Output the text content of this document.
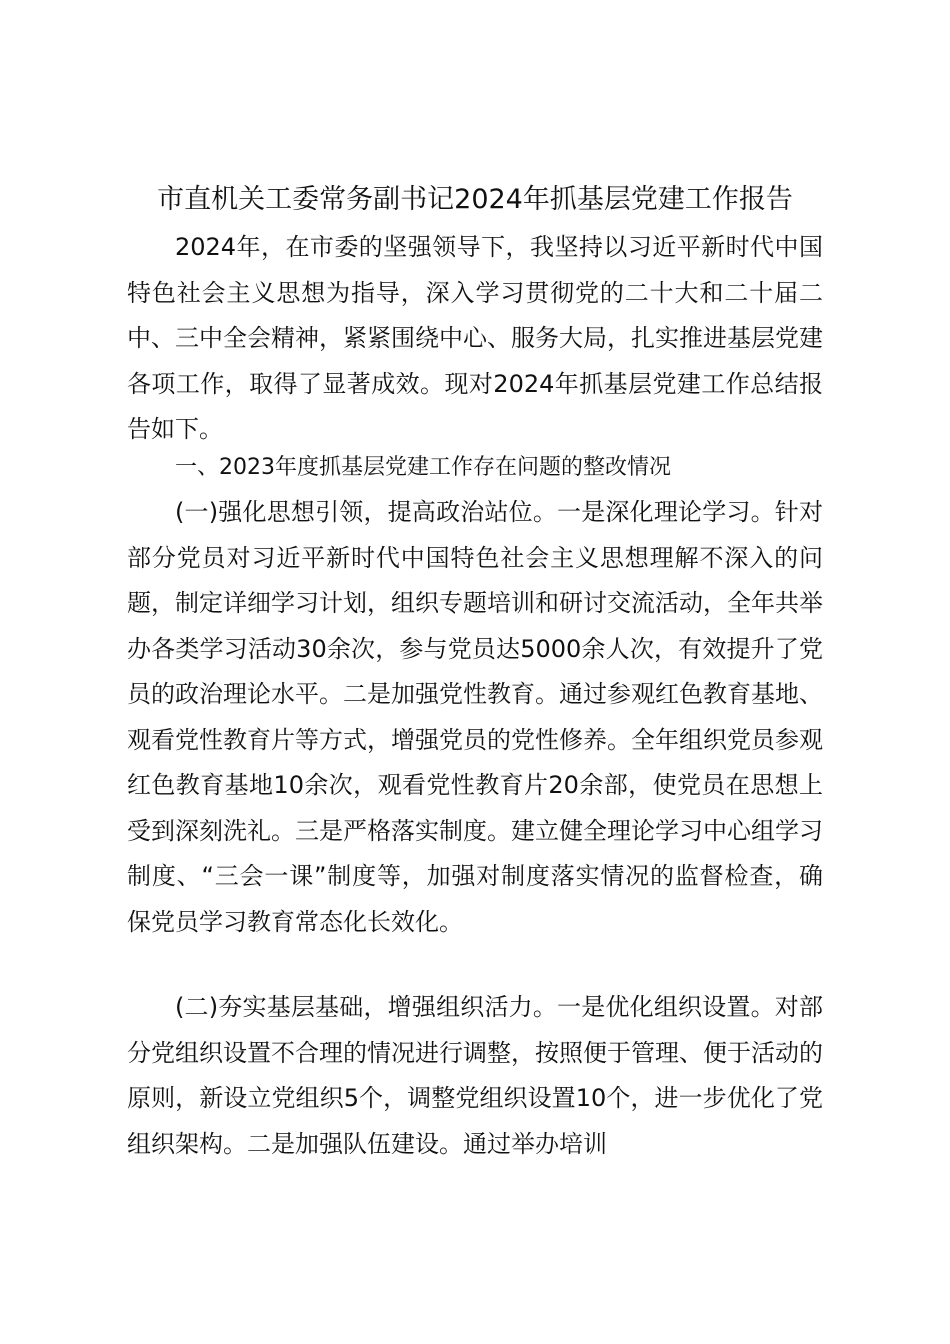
市直机关工委常务副书记2024年抓基层党建工作报告

2024年，在市委的坚强领导下，我坚持以习近平新时代中国特色社会主义思想为指导，深入学习贯彻党的二十大和二十届二中、三中全会精神，紧紧围绕中心、服务大局，扎实推进基层党建各项工作，取得了显著成效。现对2024年抓基层党建工作总结报告如下。

一、2023年度抓基层党建工作存在问题的整改情况

(一)强化思想引领，提高政治站位。一是深化理论学习。针对部分党员对习近平新时代中国特色社会主义思想理解不深入的问题，制定详细学习计划，组织专题培训和研讨交流活动，全年共举办各类学习活动30余次，参与党员达5000余人次，有效提升了党员的政治理论水平。二是加强党性教育。通过参观红色教育基地、观看党性教育片等方式，增强党员的党性修养。全年组织党员参观红色教育基地10余次，观看党性教育片20余部，使党员在思想上受到深刻洗礼。三是严格落实制度。建立健全理论学习中心组学习制度、“三会一课”制度等，加强对制度落实情况的监督检查，确保党员学习教育常态化长效化。

(二)夯实基层基础，增强组织活力。一是优化组织设置。对部分党组织设置不合理的情况进行调整，按照便于管理、便于活动的原则，新设立党组织5个，调整党组织设置10个，进一步优化了党组织架构。二是加强队伍建设。通过举办培训
